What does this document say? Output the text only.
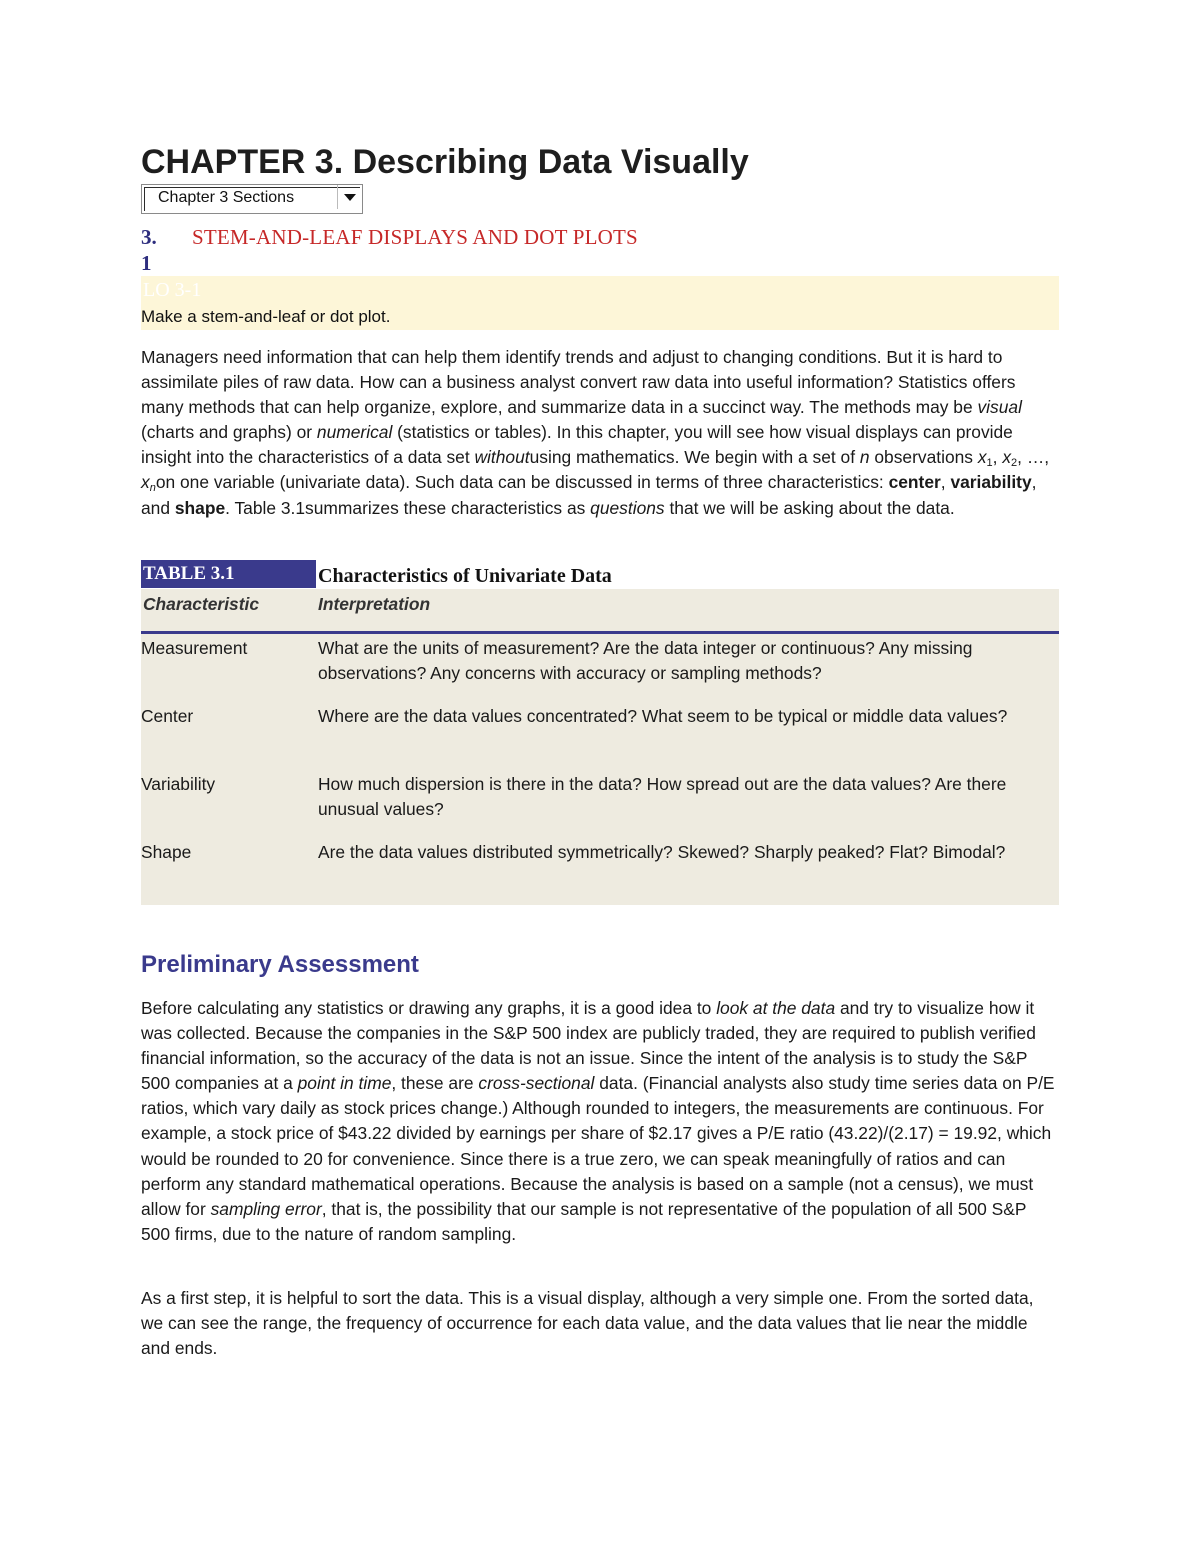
CHAPTER 3. Describing Data Visually
Chapter 3 Sections
3.
1
STEM-AND-LEAF DISPLAYS AND DOT PLOTS
LO 3-1
Make a stem-and-leaf or dot plot.

Managers need information that can help them identify trends and adjust to changing conditions. But it is hard to assimilate piles of raw data. How can a business analyst convert raw data into useful information? Statistics offers many methods that can help organize, explore, and summarize data in a succinct way. The methods may be visual (charts and graphs) or numerical (statistics or tables). In this chapter, you will see how visual displays can provide insight into the characteristics of a data set withoutusing mathematics. We begin with a set of n observations $x_1$, $x_2$, …, $x_non$ one variable (univariate data). Such data can be discussed in terms of three characteristics: center, variability, and shape. Table 3.1summarizes these characteristics as questions that we will be asking about the data.

TABLE 3.1	Characteristics of Univariate Data
Characteristic	Interpretation
Measurement	What are the units of measurement? Are the data integer or continuous? Any missing observations? Any concerns with accuracy or sampling methods?
Center	Where are the data values concentrated? What seem to be typical or middle data values?
Variability	How much dispersion is there in the data? How spread out are the data values? Are there unusual values?
Shape	Are the data values distributed symmetrically? Skewed? Sharply peaked? Flat? Bimodal?
Preliminary Assessment

Before calculating any statistics or drawing any graphs, it is a good idea to look at the data and try to visualize how it was collected. Because the companies in the S&P 500 index are publicly traded, they are required to publish verified financial information, so the accuracy of the data is not an issue. Since the intent of the analysis is to study the S&P 500 companies at a point in time, these are cross-sectional data. (Financial analysts also study time series data on P/E ratios, which vary daily as stock prices change.) Although rounded to integers, the measurements are continuous. For example, a stock price of $43.22 divided by earnings per share of $2.17 gives a P/E ratio (43.22)/(2.17) = 19.92, which would be rounded to 20 for convenience. Since there is a true zero, we can speak meaningfully of ratios and can perform any standard mathematical operations. Because the analysis is based on a sample (not a census), we must allow for sampling error, that is, the possibility that our sample is not representative of the population of all 500 S&P 500 firms, due to the nature of random sampling.

As a first step, it is helpful to sort the data. This is a visual display, although a very simple one. From the sorted data, we can see the range, the frequency of occurrence for each data value, and the data values that lie near the middle and ends.
